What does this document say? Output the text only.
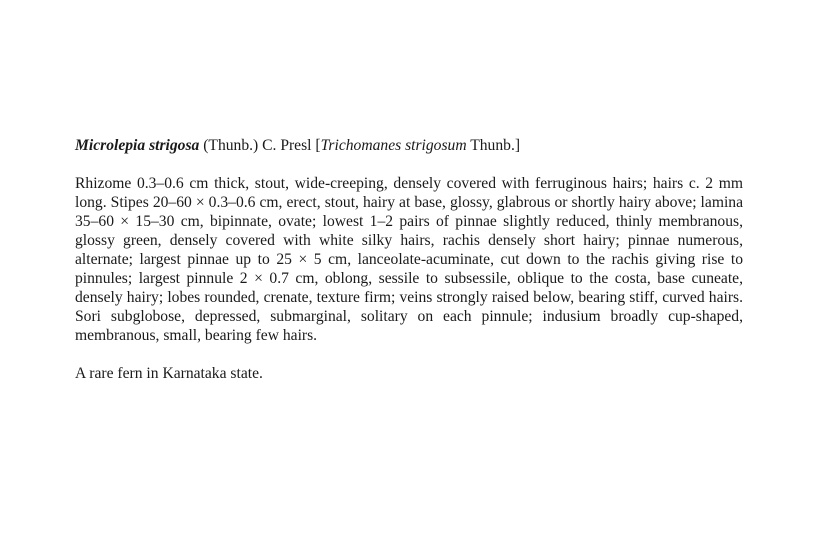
Microlepia strigosa (Thunb.) C. Presl [Trichomanes strigosum Thunb.]

Rhizome 0.3–0.6 cm thick, stout, wide-creeping, densely covered with ferruginous hairs; hairs c. 2 mm long. Stipes 20–60 × 0.3–0.6 cm, erect, stout, hairy at base, glossy, glabrous or shortly hairy above; lamina 35–60 × 15–30 cm, bipinnate, ovate; lowest 1–2 pairs of pinnae slightly reduced, thinly membranous, glossy green, densely covered with white silky hairs, rachis densely short hairy; pinnae numerous, alternate; largest pinnae up to 25 × 5 cm, lanceolate-acuminate, cut down to the rachis giving rise to pinnules; largest pinnule 2 × 0.7 cm, oblong, sessile to subsessile, oblique to the costa, base cuneate, densely hairy; lobes rounded, crenate, texture firm; veins strongly raised below, bearing stiff, curved hairs. Sori subglobose, depressed, submarginal, solitary on each pinnule; indusium broadly cup-shaped, membranous, small, bearing few hairs.

A rare fern in Karnataka state.
